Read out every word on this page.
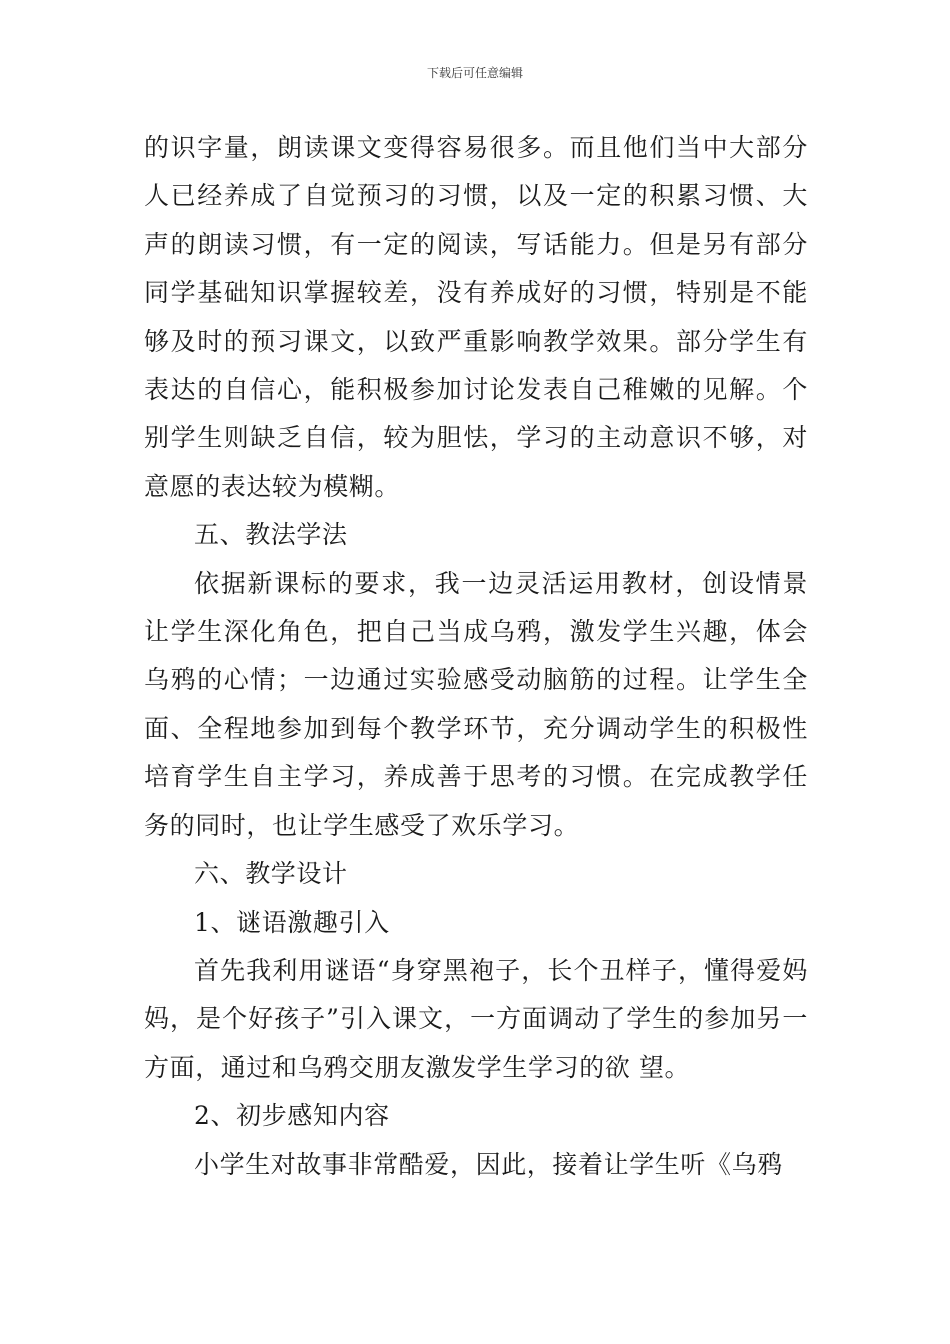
下载后可任意编辑

的识字量，朗读课文变得容易很多。而且他们当中大部分人已经养成了自觉预习的习惯，以及一定的积累习惯、大声的朗读习惯，有一定的阅读，写话能力。但是另有部分同学基础知识掌握较差，没有养成好的习惯，特别是不能够及时的预习课文，以致严重影响教学效果。部分学生有表达的自信心，能积极参加讨论发表自己稚嫩的见解。个别学生则缺乏自信，较为胆怯，学习的主动意识不够，对意愿的表达较为模糊。

五、教法学法

依据新课标的要求，我一边灵活运用教材，创设情景让学生深化角色，把自己当成乌鸦，激发学生兴趣，体会乌鸦的心情；一边通过实验感受动脑筋的过程。让学生全面、全程地参加到每个教学环节，充分调动学生的积极性培育学生自主学习，养成善于思考的习惯。在完成教学任务的同时，也让学生感受了欢乐学习。

六、教学设计

1、谜语激趣引入

首先我利用谜语“身穿黑袍子，长个丑样子，懂得爱妈妈，是个好孩子”引入课文，一方面调动了学生的参加另一方面，通过和乌鸦交朋友激发学生学习的欲 望。

2、初步感知内容

小学生对故事非常酷爱，因此，接着让学生听《乌鸦
